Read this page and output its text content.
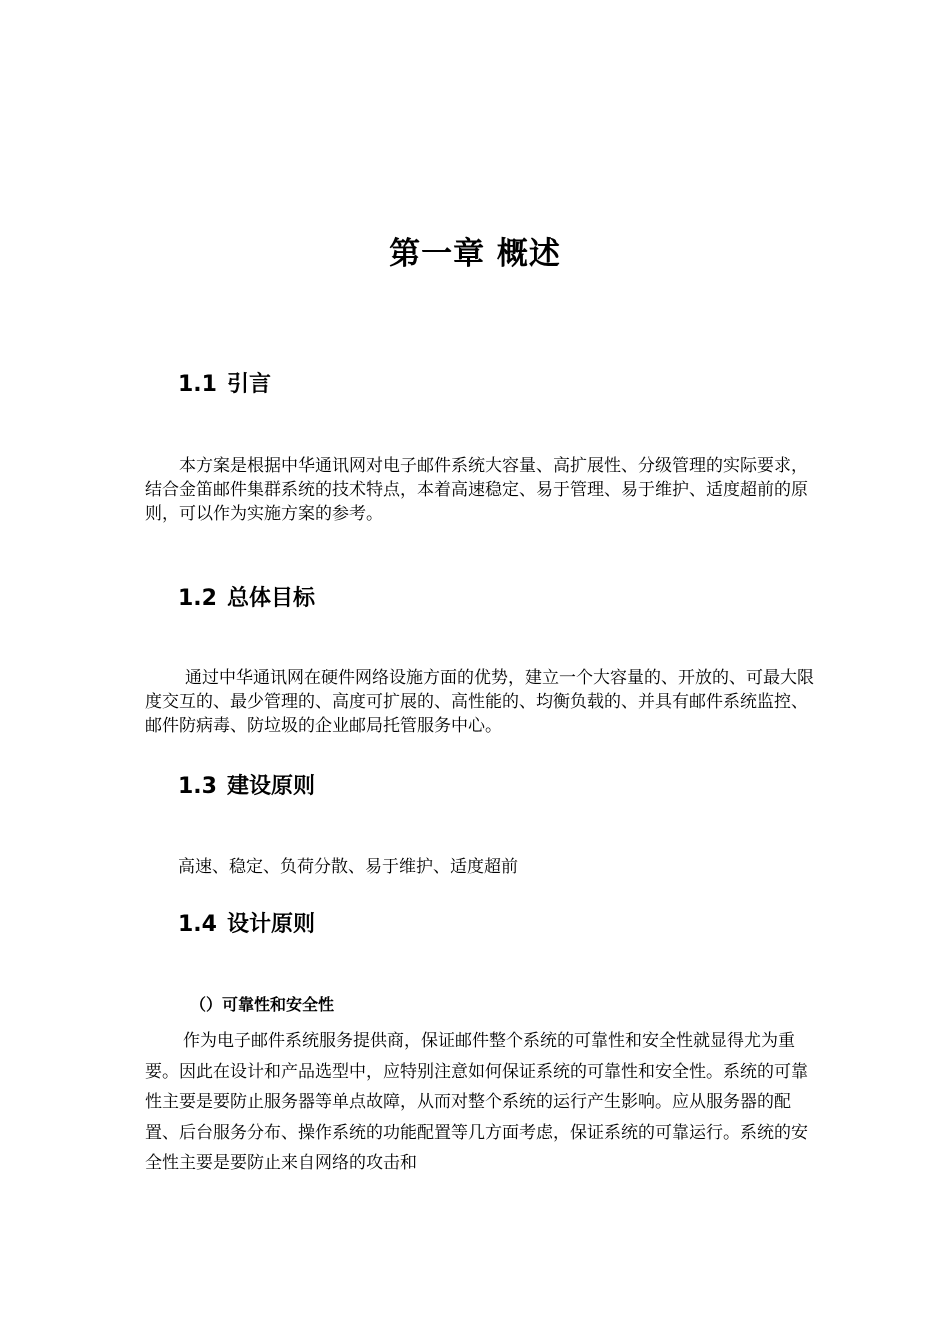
第一章 概述
1.1 引言

本方案是根据中华通讯网对电子邮件系统大容量、高扩展性、分级管理的实际要求，结合金笛邮件集群系统的技术特点，本着高速稳定、易于管理、易于维护、适度超前的原则，可以作为实施方案的参考。

1.2 总体目标

通过中华通讯网在硬件网络设施方面的优势，建立一个大容量的、开放的、可最大限度交互的、最少管理的、高度可扩展的、高性能的、均衡负载的、并具有邮件系统监控、邮件防病毒、防垃圾的企业邮局托管服务中心。

1.3 建设原则

高速、稳定、负荷分散、易于维护、适度超前

1.4 设计原则
（）可靠性和安全性

作为电子邮件系统服务提供商，保证邮件整个系统的可靠性和安全性就显得尤为重要。因此在设计和产品选型中，应特别注意如何保证系统的可靠性和安全性。系统的可靠性主要是要防止服务器等单点故障，从而对整个系统的运行产生影响。应从服务器的配置、后台服务分布、操作系统的功能配置等几方面考虑，保证系统的可靠运行。系统的安全性主要是要防止来自网络的攻击和
